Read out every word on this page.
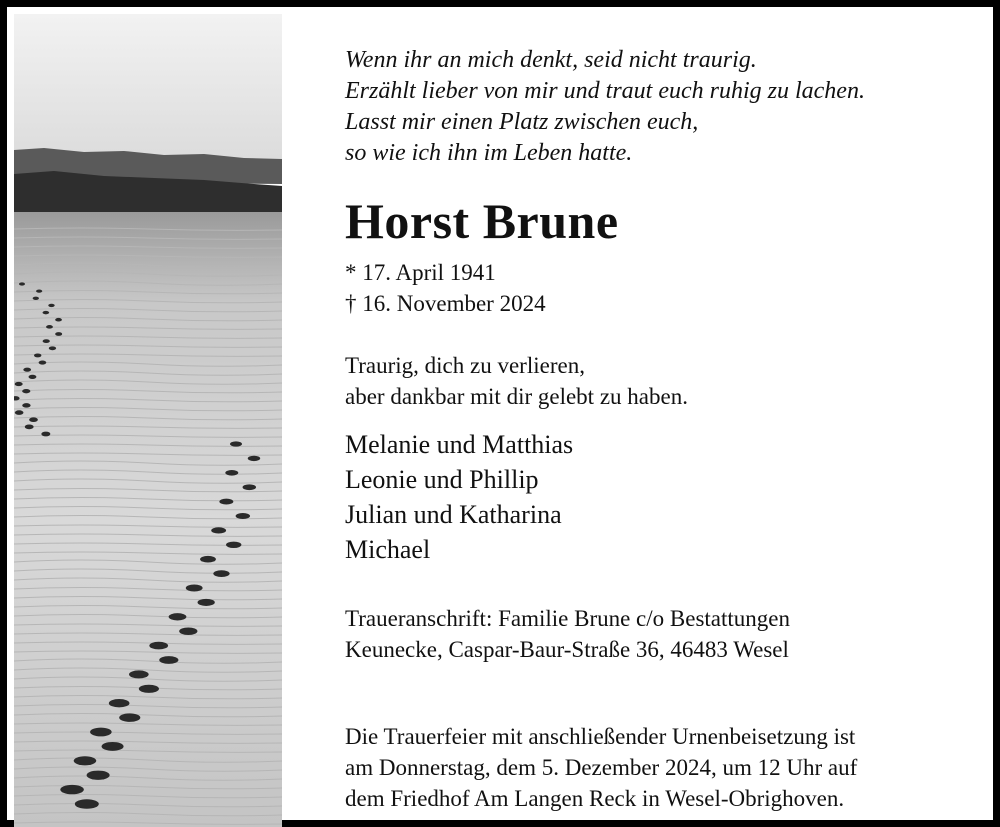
Wenn ihr an mich denkt, seid nicht traurig.
Erzählt lieber von mir und traut euch ruhig zu lachen.
Lasst mir einen Platz zwischen euch,
so wie ich ihn im Leben hatte.
Horst Brune
* 17. April 1941
† 16. November 2024
Traurig, dich zu verlieren,
aber dankbar mit dir gelebt zu haben.
Melanie und Matthias
Leonie und Phillip
Julian und Katharina
Michael
Traueranschrift: Familie Brune c/o Bestattungen
Keunecke, Caspar-Baur-Straße 36, 46483 Wesel
Die Trauerfeier mit anschließender Urnenbeisetzung ist
am Donnerstag, dem 5. Dezember 2024, um 12 Uhr auf
dem Friedhof Am Langen Reck in Wesel-Obrighoven.
